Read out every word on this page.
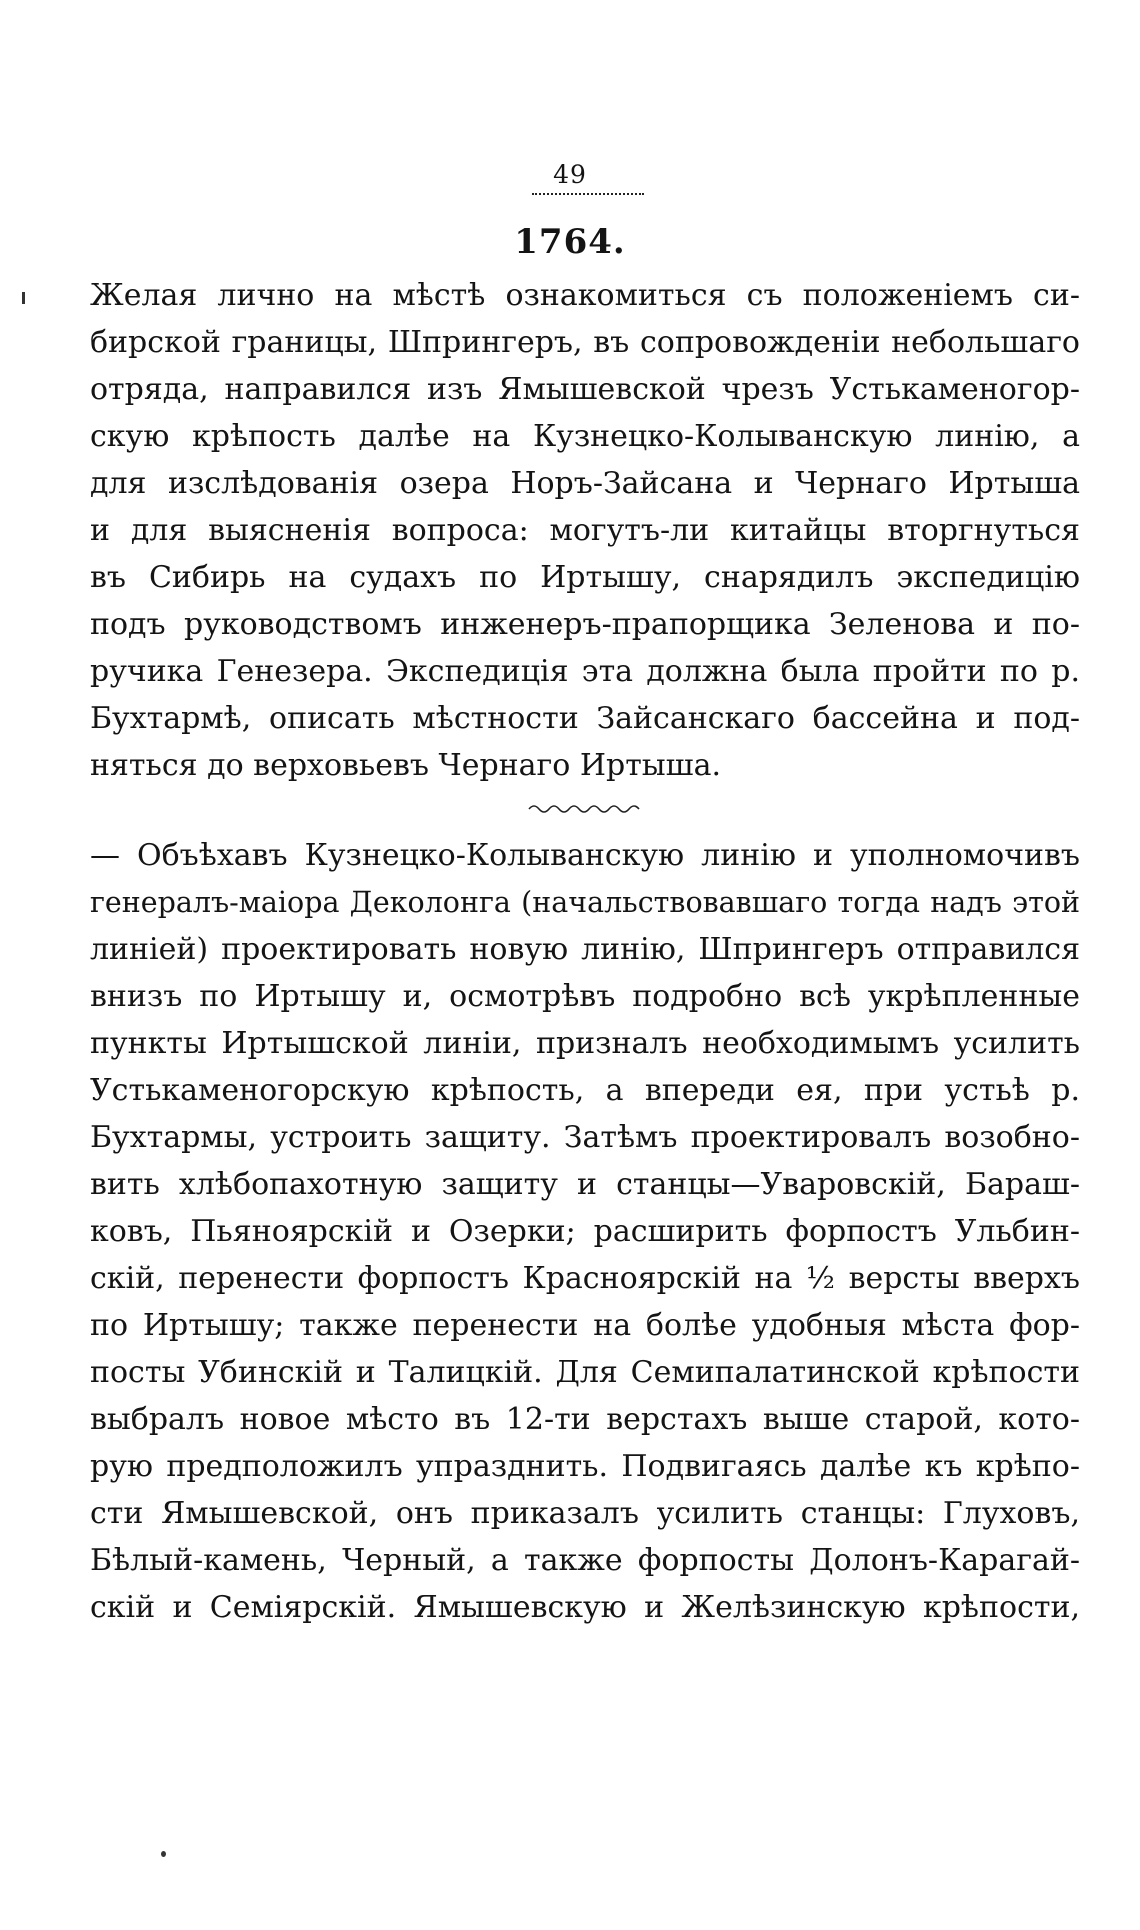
49
1764.
Желая лично на мѣстѣ ознакомиться съ положеніемъ си-
бирской границы, Шпрингеръ, въ сопровожденіи небольшаго
отряда, направился изъ Ямышевской чрезъ Устькаменогор-
скую крѣпость далѣе на Кузнецко-Колыванскую линію, а
для изслѣдованія озера Норъ-Зайсана и Чернаго Иртыша
и для выясненія вопроса: могутъ-ли китайцы вторгнуться
въ Сибирь на судахъ по Иртышу, снарядилъ экспедицію
подъ руководствомъ инженеръ-прапорщика Зеленова и по-
ручика Генезера. Экспедиція эта должна была пройти по р.
Бухтармѣ, описать мѣстности Зайсанскаго бассейна и под-
няться до верховьевъ Чернаго Иртыша.
— Объѣхавъ Кузнецко-Колыванскую линію и уполномочивъ
генералъ-маіора Деколонга (начальствовавшаго тогда надъ этой
линіей) проектировать новую линію, Шпрингеръ отправился
внизъ по Иртышу и, осмотрѣвъ подробно всѣ укрѣпленные
пункты Иртышской линіи, призналъ необходимымъ усилить
Устькаменогорскую крѣпость, а впереди ея, при устьѣ р.
Бухтармы, устроить защиту. Затѣмъ проектировалъ возобно-
вить хлѣбопахотную защиту и станцы—Уваровскій, Барaш-
ковъ, Пьяноярскій и Озерки; расширить форпостъ Ульбин-
скій, перенести форпостъ Красноярскій на ½ версты вверхъ
по Иртышу; также перенести на болѣе удобныя мѣста фор-
посты Убинскій и Талицкій. Для Семипалатинской крѣпости
выбралъ новое мѣсто въ 12-ти верстахъ выше старой, кото-
рую предположилъ упразднить. Подвигаясь далѣе къ крѣпо-
сти Ямышевской, онъ приказалъ усилить станцы: Глуховъ,
Бѣлый-камень, Черный, а также форпосты Долонъ-Карагай-
скій и Семіярскій. Ямышевскую и Желѣзинскую крѣпости,
